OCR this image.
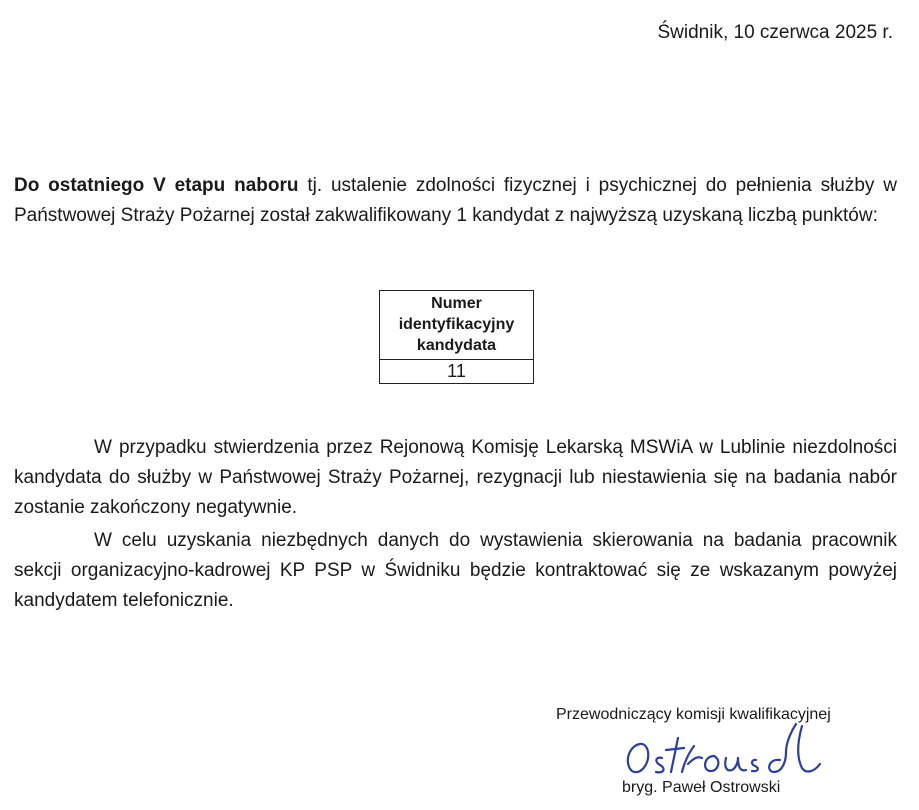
Świdnik, 10 czerwca 2025 r.
Do ostatniego V etapu naboru tj. ustalenie zdolności fizycznej i psychicznej do pełnienia służby w Państwowej Straży Pożarnej został zakwalifikowany 1 kandydat z najwyższą uzyskaną liczbą punktów:
Numer identyfikacyjny kandydata
11
W przypadku stwierdzenia przez Rejonową Komisję Lekarską MSWiA w Lublinie niezdolności kandydata do służby w Państwowej Straży Pożarnej, rezygnacji lub niestawienia się na badania nabór zostanie zakończony negatywnie.
W celu uzyskania niezbędnych danych do wystawienia skierowania na badania pracownik sekcji organizacyjno-kadrowej KP PSP w Świdniku będzie kontraktować się ze wskazanym powyżej kandydatem telefonicznie.
Przewodniczący komisji kwalifikacyjnej
bryg. Paweł Ostrowski
